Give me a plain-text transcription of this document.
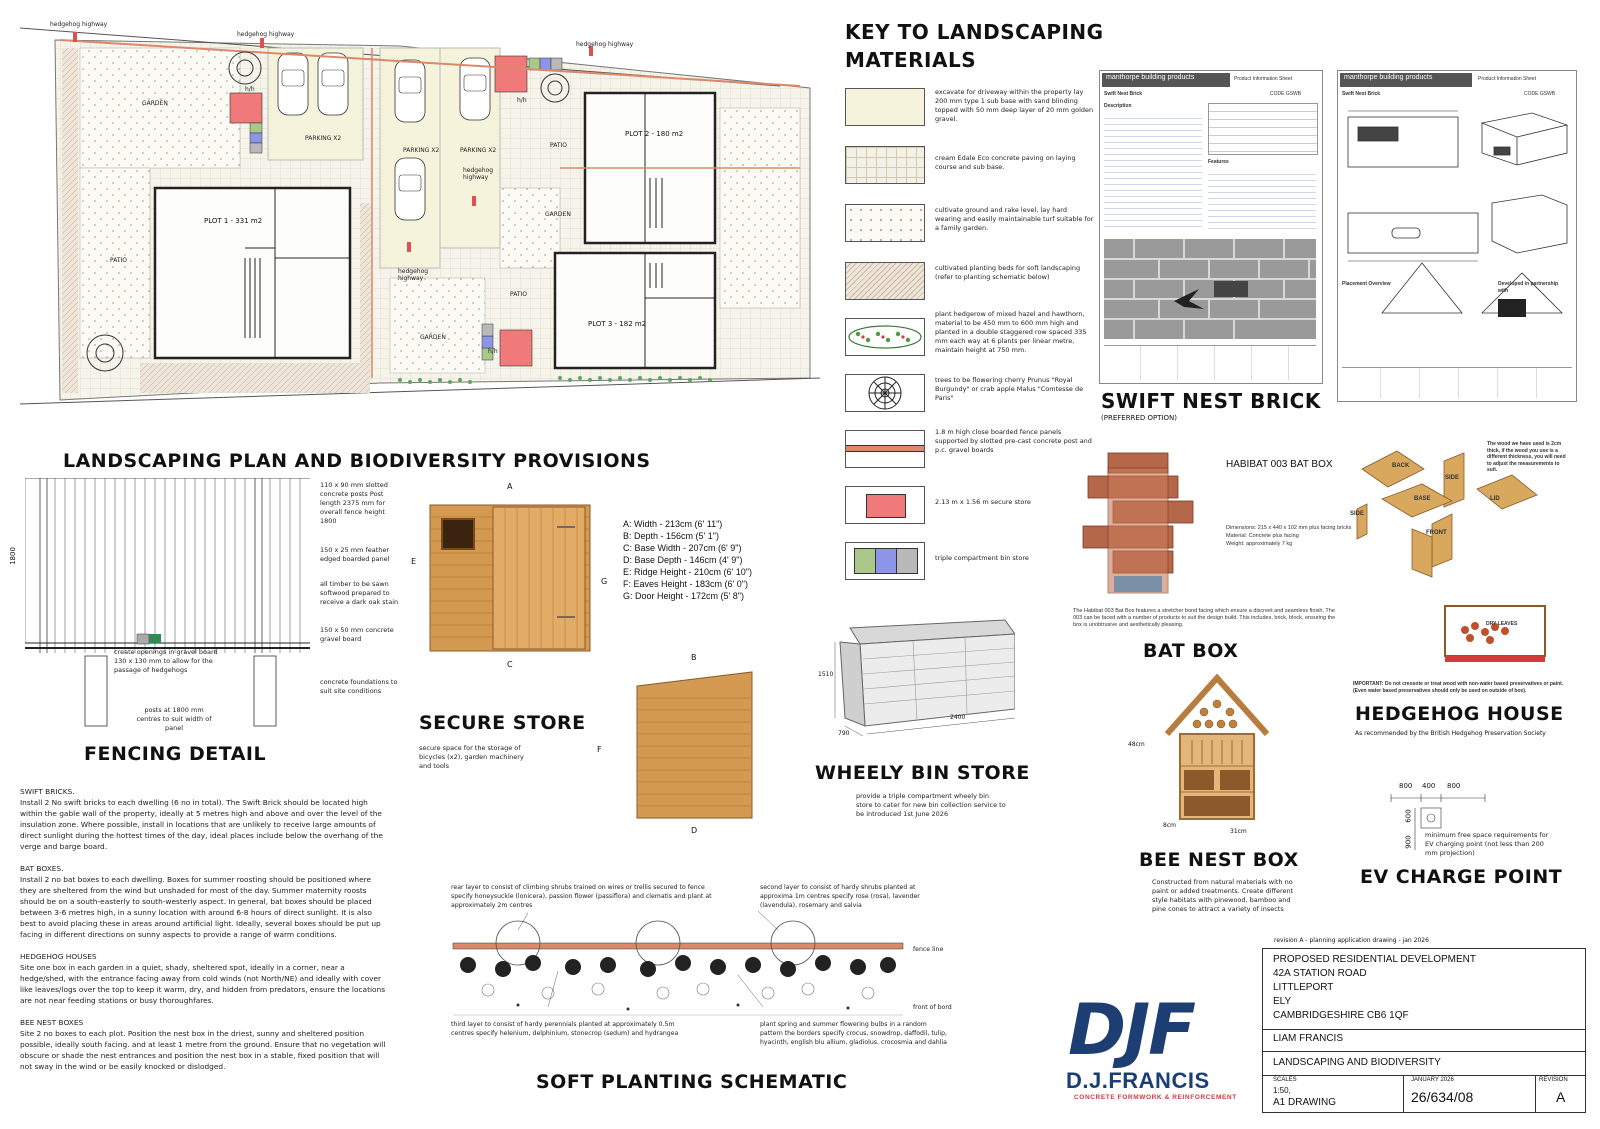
hedgehog highway
hedgehog highway
hedgehog highway
hedgehog highway
hedgehog highway
GARDEN
GARDEN
GARDEN
PARKING X2
PARKING X2	PARKING X2
PATIO
PATIO
PATIO
PLOT 1 - 331 m2
PLOT 2 - 180 m2
PLOT 3 - 182 m2
h/h
h/h
h/h
KEY TO LANDSCAPING
MATERIALS
excavate for driveway within the property lay 200 mm type 1 sub base with sand blinding topped with 50 mm deep layer of 20 mm golden gravel.
cream Edale Eco concrete paving on laying course and sub base.
cultivate ground and rake level, lay hard wearing and easily maintainable turf suitable for a family garden.
cultivated planting beds for soft landscaping (refer to planting schematic below)
plant hedgerow of mixed hazel and hawthorn, material to be 450 mm to 600 mm high and planted in a double staggered row spaced 335 mm each way at 6 plants per linear metre, maintain height at 750 mm.
trees to be flowering cherry Prunus "Royal Burgundy" or crab apple Malus "Comtesse de Paris"
1.8 m high close boarded fence panels supported by slotted pre-cast concrete post and p.c. gravel boards
2.13 m x 1.56 m secure store
triple compartment bin store
manthorpe building products	Product Information Sheet
Swift Nest Brick	CODE GSWB
Description
Features
manthorpe building products	Product Information Sheet
Swift Nest Brick	CODE GSWB
Placement Overview	Developed in partnership with
SWIFT NEST BRICK
(PREFERRED OPTION)
LANDSCAPING PLAN AND BIODIVERSITY PROVISIONS
1800
110 x 90 mm slotted concrete posts Post length 2375 mm for overall fence height 1800
150 x 25 mm feather edged boarded panel
all timber to be sawn softwood prepared to receive a dark oak stain
150 x 50 mm concrete gravel board
concrete foundations to suit site conditions
create openings in gravel board 130 x 130 mm to allow for the passage of hedgehogs
posts at 1800 mm centres to suit width of panel
FENCING DETAIL
A
C
E
G
A: Width - 213cm (6' 11")
B: Depth - 156cm (5' 1")
C: Base Width - 207cm (6' 9")
D: Base Depth - 146cm (4' 9")
E: Ridge Height - 210cm (6' 10")
F: Eaves Height - 183cm (6' 0")
G: Door Height - 172cm (5' 8")
B
D
F
SECURE STORE
secure space for the storage of bicycles (x2), garden machinery and tools
1510
2400
790
WHEELY BIN STORE
provide a triple compartment wheely bin store to cater for new bin collection service to be introduced 1st June 2026
HABIBAT 003 BAT BOX
Dimensions: 215 x 440 x 102 mm plus facing bricks
Material: Concrete plus facing
Weight: approximately 7 kg
The Habibat 003 Bat Box features a stretcher bond facing which ensure a discreet and seamless finish. The 003 can be faced with a number of products to suit the design build. This includes, brick, block, ensuring the box is unobtrusive and aesthetically pleasing.
BAT BOX
BACK
SIDE
LID
BASE
FRONT
SIDE
The wood we have used is 2cm thick, if the wood you use is a different thickness, you will need to adjust the measurements to suit.
DRY LEAVES
BATTENS TO RAISE BOX
IMPORTANT: Do not creosote or treat wood with non-water based preservatives or paint. (Even water based preservatives should only be used on outside of box).
HEDGEHOG HOUSE
As recommended by the British Hedgehog Preservation Society
48cm
31cm
8cm
BEE NEST BOX
Constructed from natural materials with no paint or added treatments. Create different style habitats with pinewood, bamboo and pine cones to attract a variety of insects
800 400 800
600
900
minimum free space requirements for EV charging point (not less than 200 mm projection)
EV CHARGE POINT
SWIFT BRICKS.
Install 2 No swift bricks to each dwelling (6 no in total). The Swift Brick should be located high within the gable wall of the property, ideally at 5 metres high and above and over the level of the insulation zone. Where possible, install in locations that are unlikely to receive large amounts of direct sunlight during the hottest times of the day, ideal places include below the overhang of the verge and barge board.
BAT BOXES.
Install 2 no bat boxes to each dwelling. Boxes for summer roosting should be positioned where they are sheltered from the wind but unshaded for most of the day. Summer maternity roosts should be on a south-easterly to south-westerly aspect. In general, bat boxes should be placed between 3-6 metres high, in a sunny location with around 6-8 hours of direct sunlight. It is also best to avoid placing these in areas around artificial light. Ideally, several boxes should be put up facing in different directions on sunny aspects to provide a range of warm conditions.
HEDGEHOG HOUSES
Site one box in each garden in a quiet, shady, sheltered spot, ideally in a corner, near a hedge/shed, with the entrance facing away from cold winds (not North/NE) and ideally with cover like leaves/logs over the top to keep it warm, dry, and hidden from predators, ensure the locations are not near feeding stations or busy thoroughfares.
BEE NEST BOXES
Site 2 no boxes to each plot. Position the nest box in the driest, sunny and sheltered position possible, ideally south facing. and at least 1 metre from the ground. Ensure that no vegetation will obscure or shade the nest entrances and position the nest box in a stable, fixed position that will not sway in the wind or be easily knocked or dislodged.
rear layer to consist of climbing shrubs trained on wires or trellis secured to fence specify honeysuckle (lonicera), passion flower (passiflora) and clematis and plant at approximately 2m centres
second layer to consist of hardy shrubs planted at approxima 1m centres specify rose (rosa), lavender (lavendula), rosemary and salvia
fence line
front of bord
third layer to consist of hardy perennials planted at approximately 0.5m centres specify helenium, delphinium, stonecrop (sedum) and hydrangea
plant spring and summer flowering bulbs in a random pattern the borders specify crocus, snowdrop, daffodil, tulip, hyacinth, english blu allium, gladiolus. crocosmia and dahlia
SOFT PLANTING SCHEMATIC
DJF
D.J.FRANCIS
CONCRETE FORMWORK & REINFORCEMENT
revision A - planning application drawing - jan 2026
PROPOSED RESIDENTIAL DEVELOPMENT
42A STATION ROAD
LITTLEPORT
ELY
CAMBRIDGESHIRE CB6 1QF
LIAM FRANCIS
LANDSCAPING AND BIODIVERSITY
SCALES
1:50,
A1 DRAWING
JANUARY 2026
26/634/08
REVISION
A
